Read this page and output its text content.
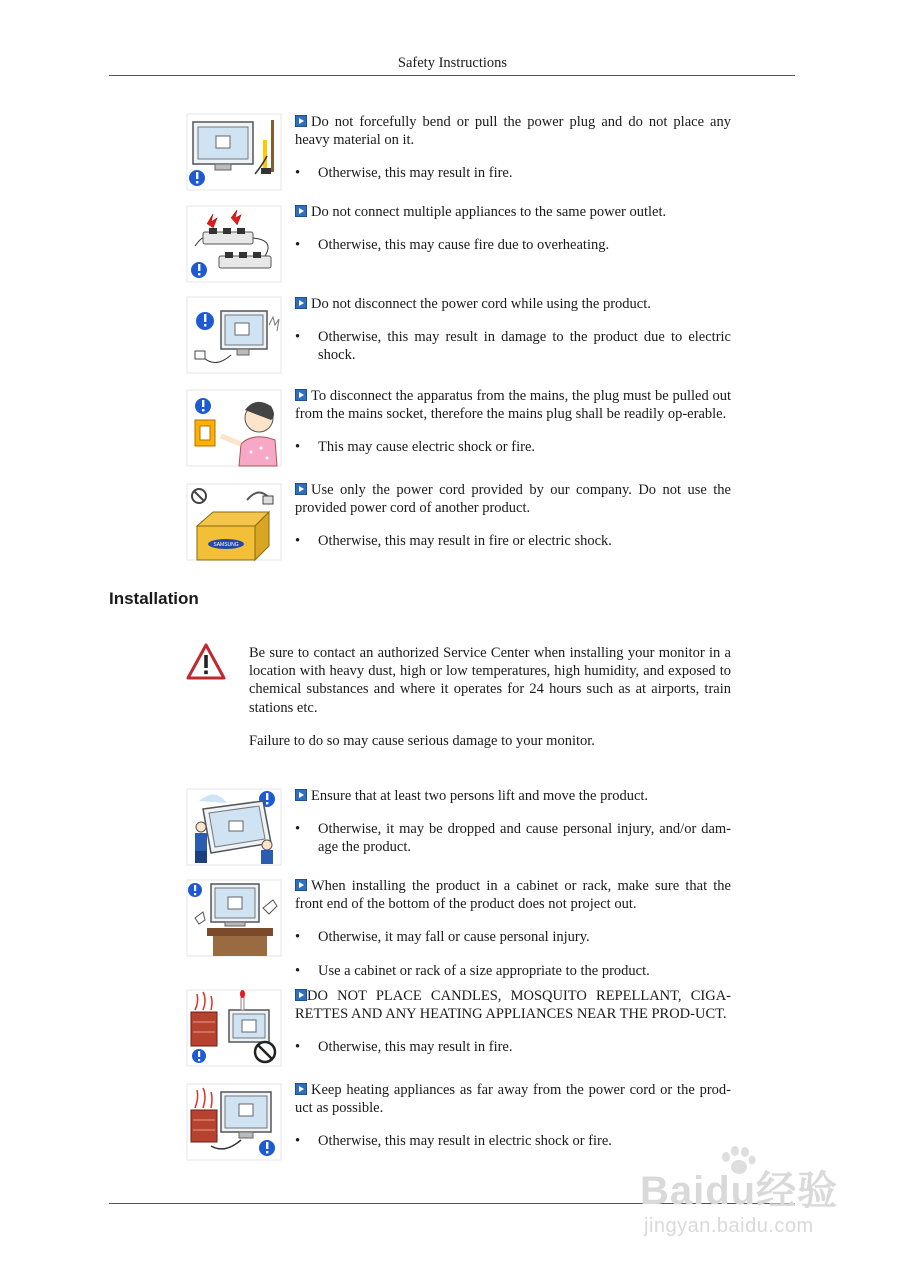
Safety Instructions

Do not forcefully bend or pull the power plug and do not place any heavy material on it.

• Otherwise, this may result in fire.

Do not connect multiple appliances to the same power outlet.

• Otherwise, this may cause fire due to overheating.

Do not disconnect the power cord while using the product.

• Otherwise, this may result in damage to the product due to electric shock.

To disconnect the apparatus from the mains, the plug must be pulled out from the mains socket, therefore the mains plug shall be readily op-erable.

• This may cause electric shock or fire.

SAMSUNG

Use only the power cord provided by our company. Do not use the provided power cord of another product.

• Otherwise, this may result in fire or electric shock.

Installation

Be sure to contact an authorized Service Center when installing your monitor in a location with heavy dust, high or low temperatures, high humidity, and exposed to chemical substances and where it operates for 24 hours such as at airports, train stations etc.

Failure to do so may cause serious damage to your monitor.

Ensure that at least two persons lift and move the product.

• Otherwise, it may be dropped and cause personal injury, and/or dam-age the product.

When installing the product in a cabinet or rack, make sure that the front end of the bottom of the product does not project out.

• Otherwise, it may fall or cause personal injury.

• Use a cabinet or rack of a size appropriate to the product.

DO NOT PLACE CANDLES, MOSQUITO REPELLANT, CIGA-RETTES AND ANY HEATING APPLIANCES NEAR THE PROD-UCT.

• Otherwise, this may result in fire.

Keep heating appliances as far away from the power cord or the prod-uct as possible.

• Otherwise, this may result in electric shock or fire.

Baidu经验
jingyan.baidu.com
